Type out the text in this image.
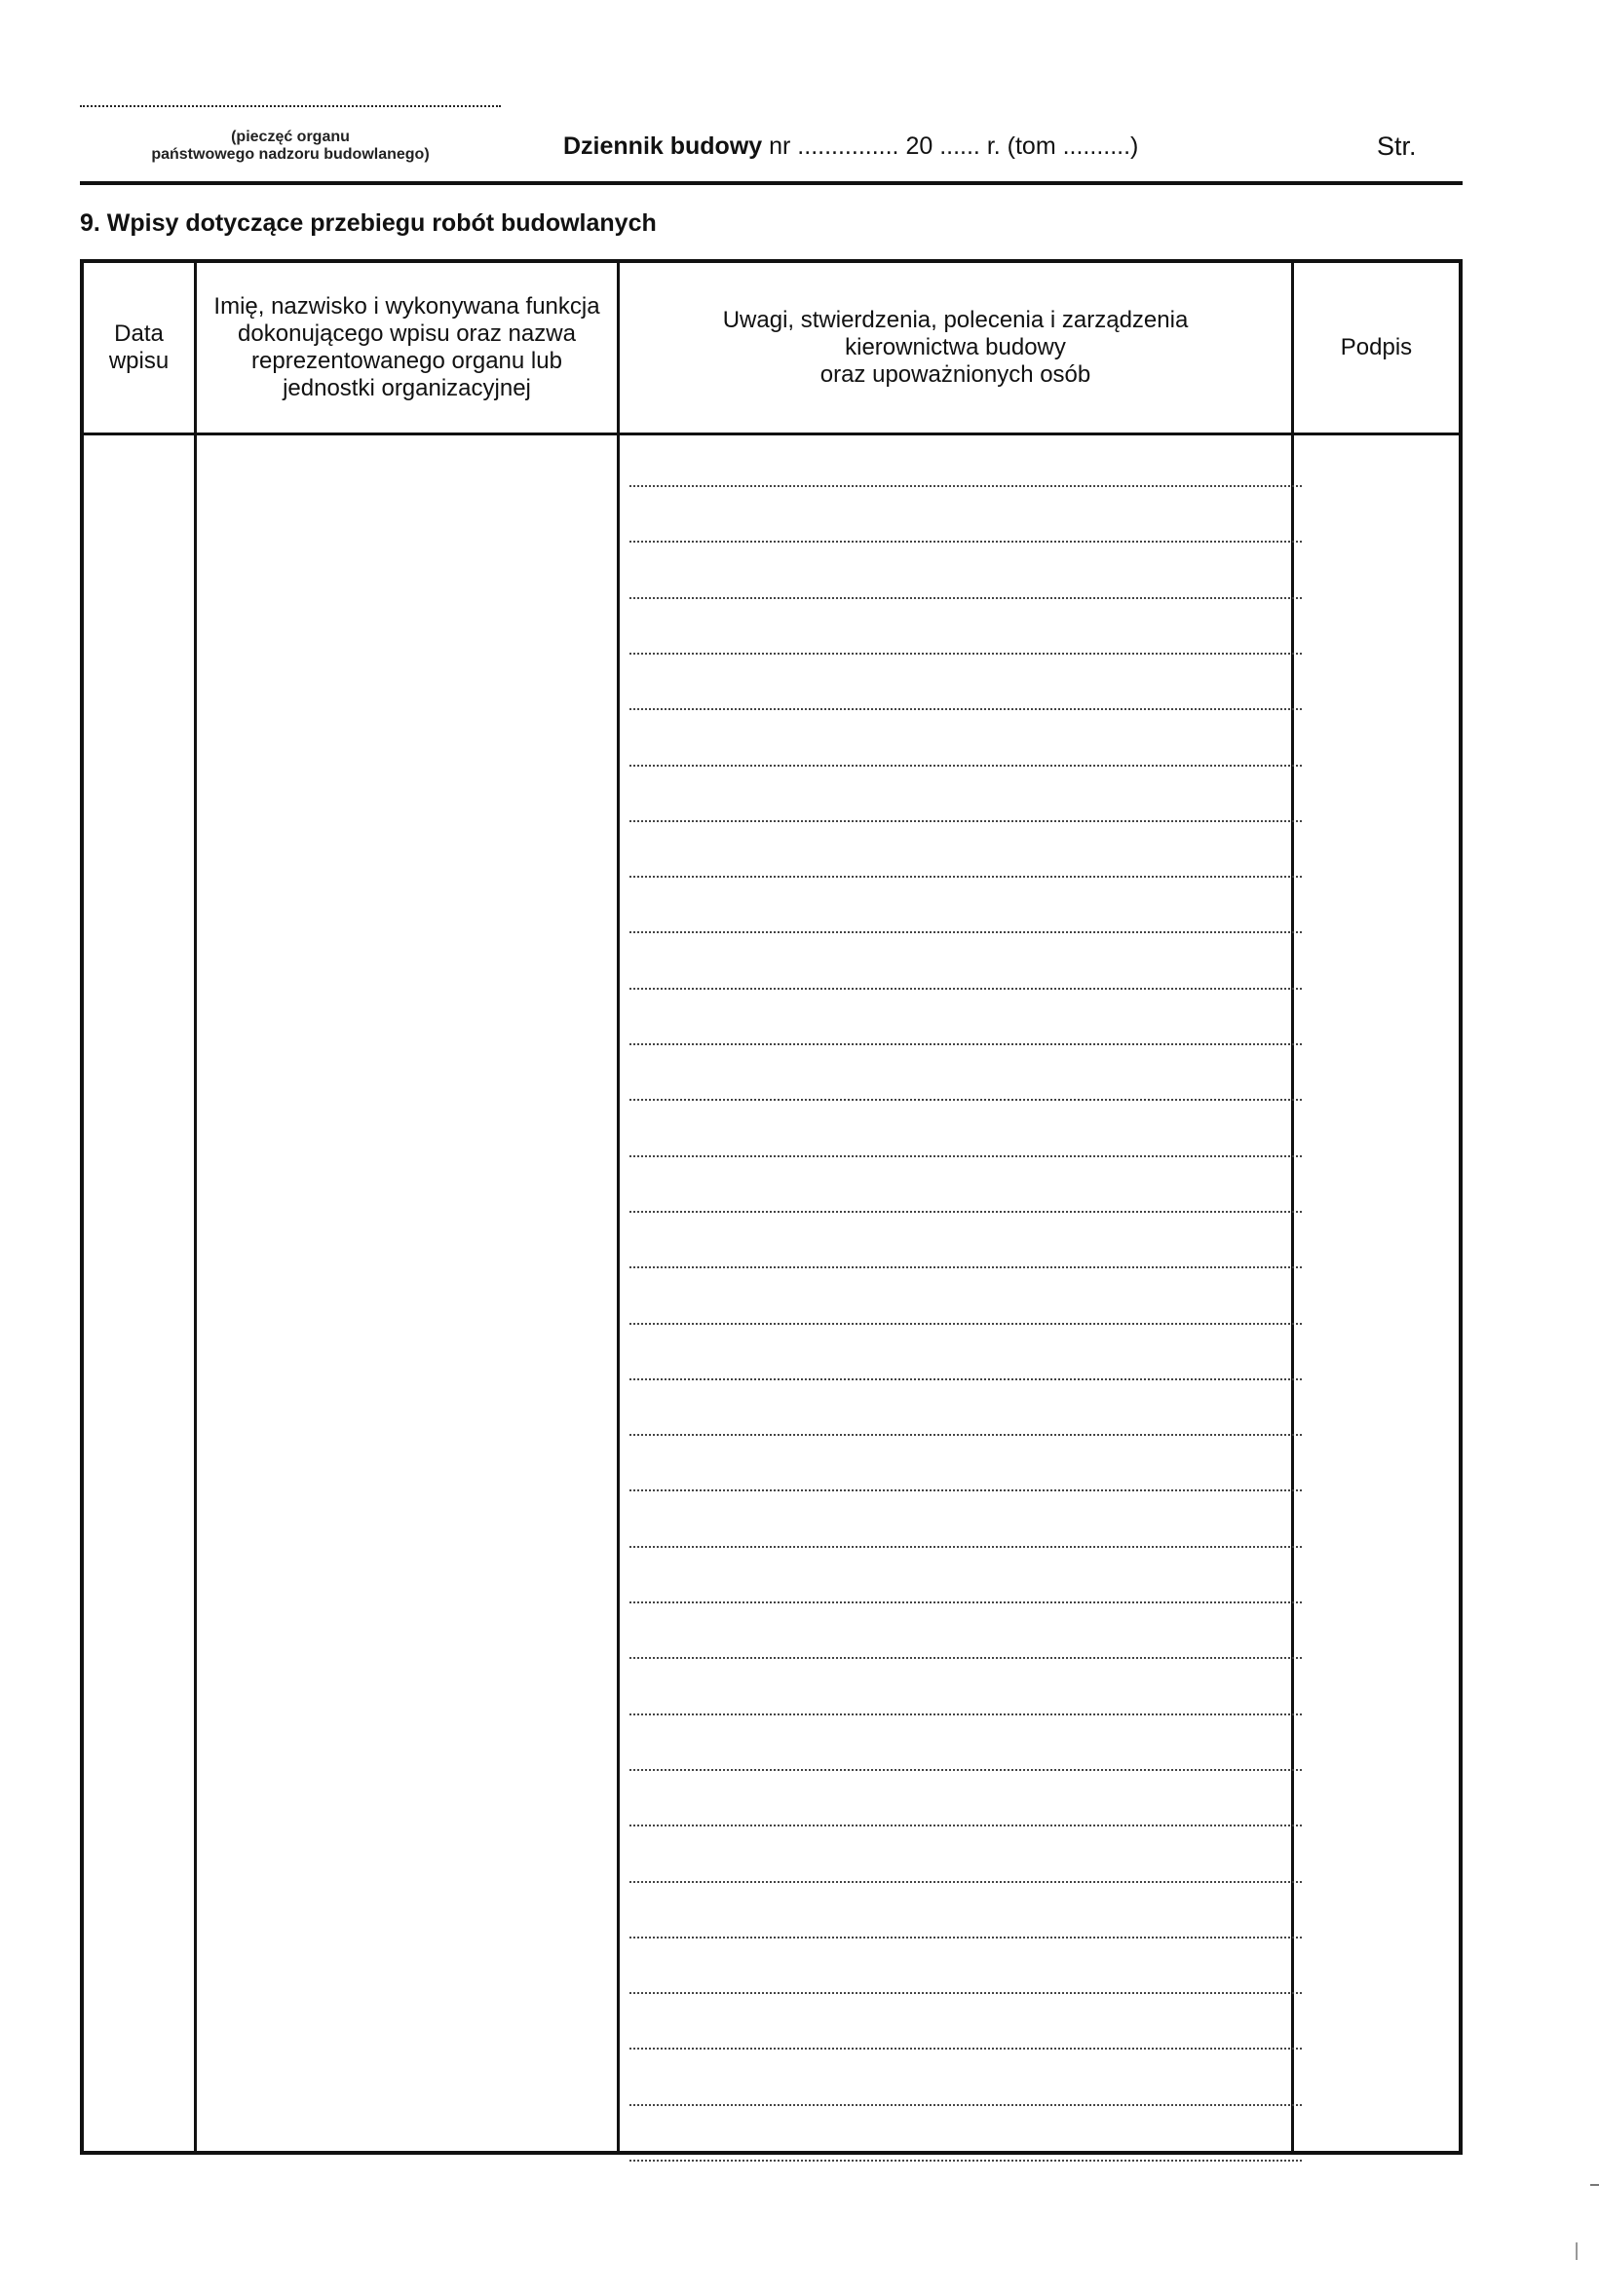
(pieczęć organu
państwowego nadzoru budowlanego)	Dziennik budowy nr ............... 20 ...... r. (tom ..........)	Str.
9. Wpisy dotyczące przebiegu robót budowlanych
Data
wpisu
Imię, nazwisko i wykonywana funkcja
dokonującego wpisu oraz nazwa
reprezentowanego organu lub
jednostki organizacyjnej
Uwagi, stwierdzenia, polecenia i zarządzenia
kierownictwa budowy
oraz upoważnionych osób
Podpis
